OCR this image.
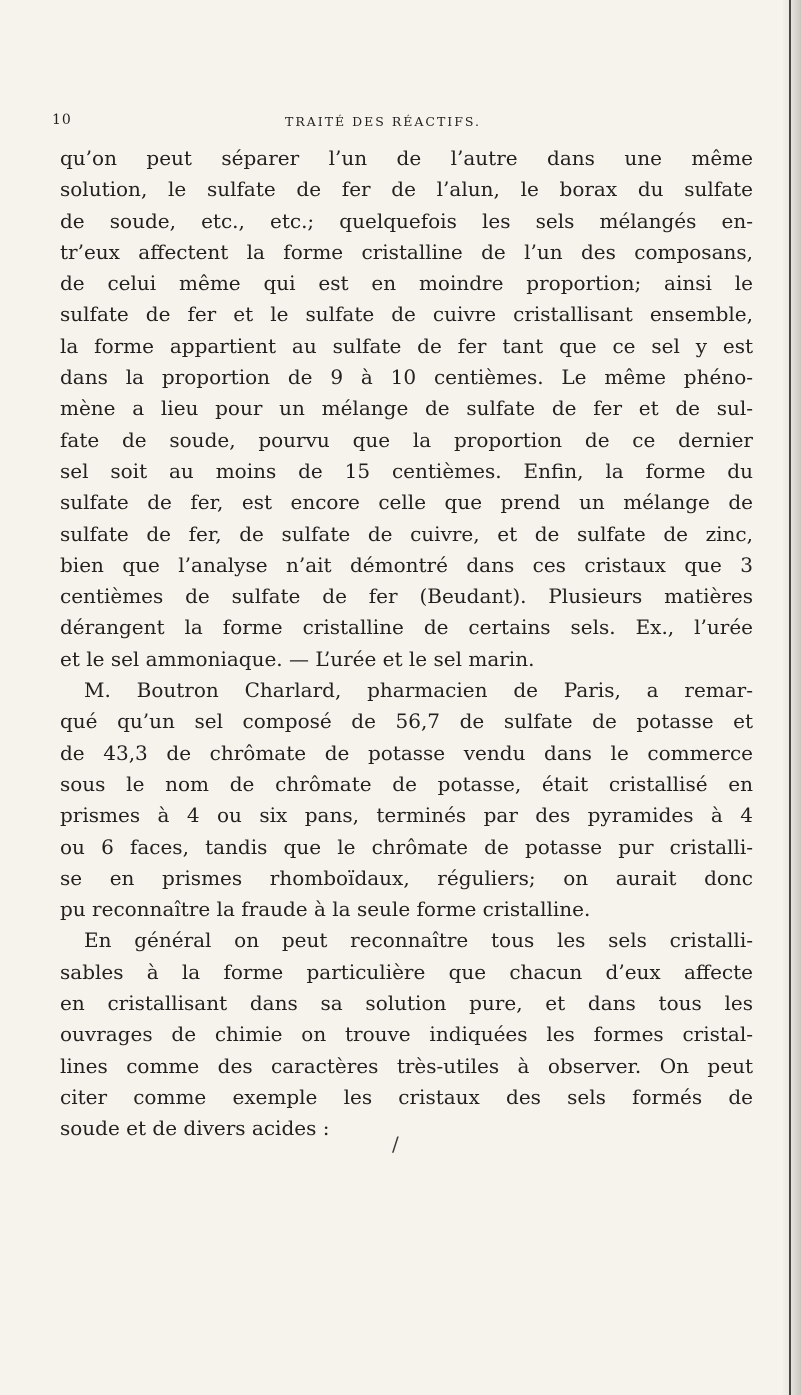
10	TRAITÉ DES RÉACTIFS.
qu’on peut séparer l’un de l’autre dans une même
solution, le sulfate de fer de l’alun, le borax du sulfate
de soude, etc., etc.; quelquefois les sels mélangés en-
tr’eux affectent la forme cristalline de l’un des composans,
de celui même qui est en moindre proportion; ainsi le
sulfate de fer et le sulfate de cuivre cristallisant ensemble,
la forme appartient au sulfate de fer tant que ce sel y est
dans la proportion de 9 à 10 centièmes. Le même phéno-
mène a lieu pour un mélange de sulfate de fer et de sul-
fate de soude, pourvu que la proportion de ce dernier
sel soit au moins de 15 centièmes. Enfin, la forme du
sulfate de fer, est encore celle que prend un mélange de
sulfate de fer, de sulfate de cuivre, et de sulfate de zinc,
bien que l’analyse n’ait démontré dans ces cristaux que 3
centièmes de sulfate de fer (Beudant). Plusieurs matières
dérangent la forme cristalline de certains sels. Ex., l’urée
et le sel ammoniaque. — L’urée et le sel marin.
M. Boutron Charlard, pharmacien de Paris, a remar-
qué qu’un sel composé de 56,7 de sulfate de potasse et
de 43,3 de chrômate de potasse vendu dans le commerce
sous le nom de chrômate de potasse, était cristallisé en
prismes à 4 ou six pans, terminés par des pyramides à 4
ou 6 faces, tandis que le chrômate de potasse pur cristalli-
se en prismes rhomboïdaux, réguliers; on aurait donc
pu reconnaître la fraude à la seule forme cristalline.
En général on peut reconnaître tous les sels cristalli-
sables à la forme particulière que chacun d’eux affecte
en cristallisant dans sa solution pure, et dans tous les
ouvrages de chimie on trouve indiquées les formes cristal-
lines comme des caractères très-utiles à observer. On peut
citer comme exemple les cristaux des sels formés de
soude et de divers acides :
/
